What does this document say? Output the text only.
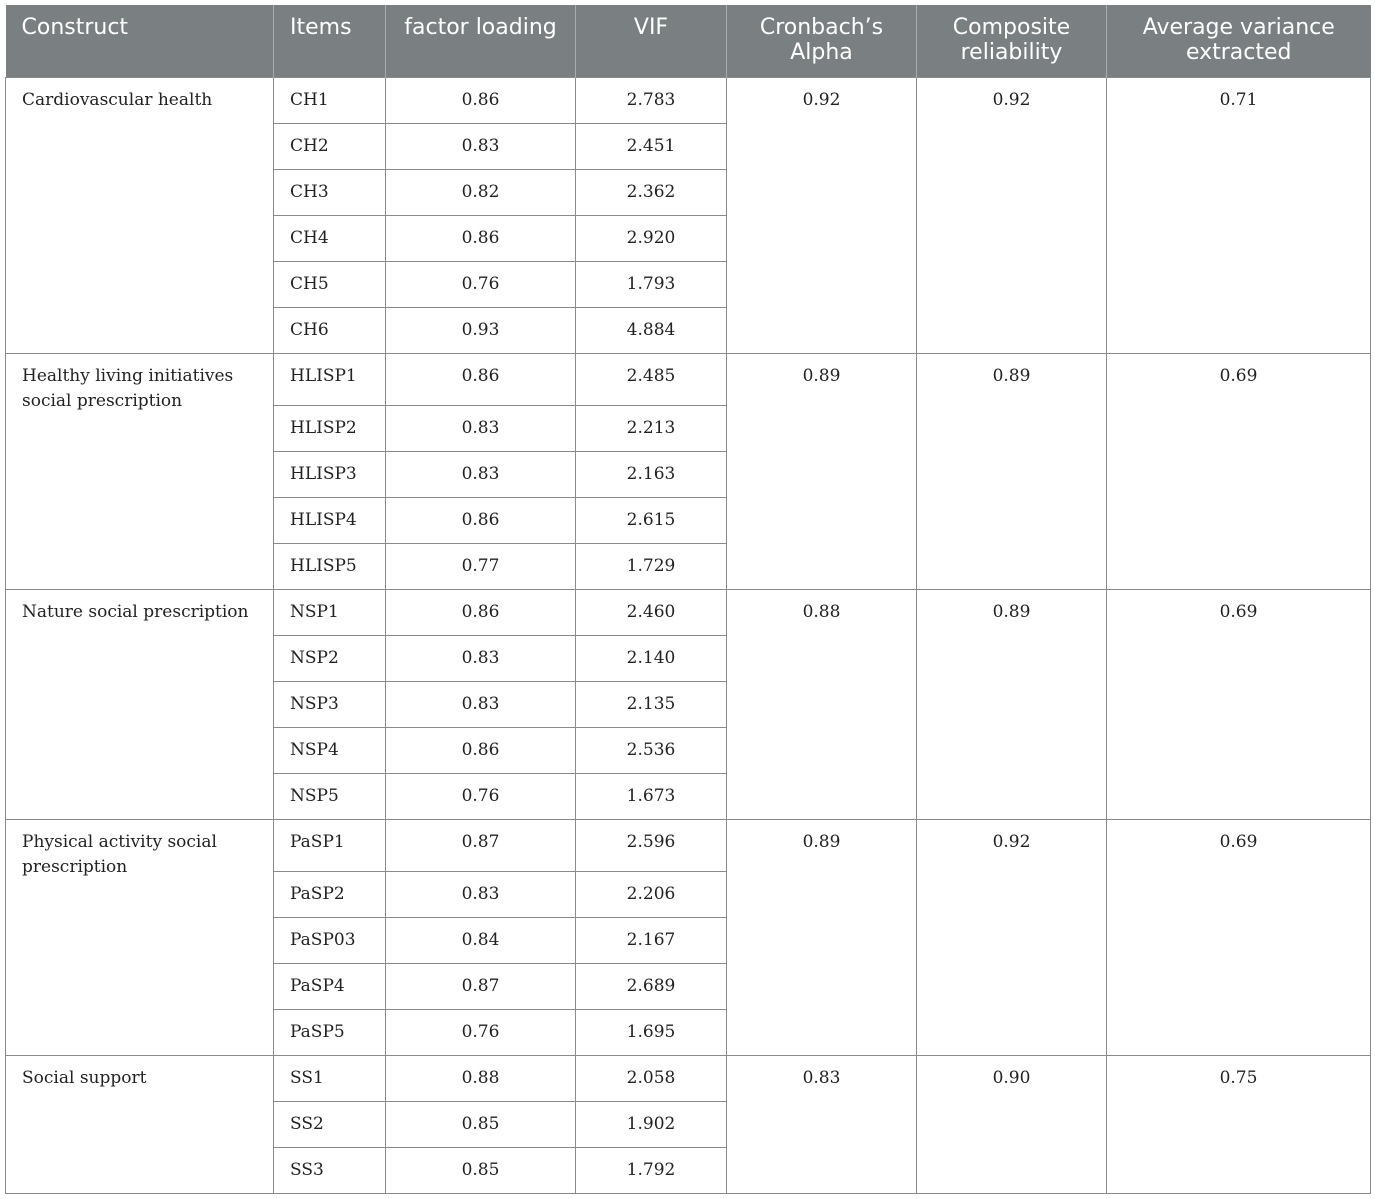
Construct	Items	factor loading	VIF	Cronbach’s Alpha	Composite reliability	Average variance extracted
Cardiovascular health	CH1	0.86	2.783	0.92	0.92	0.71
	CH2	0.83	2.451			
	CH3	0.82	2.362			
	CH4	0.86	2.920			
	CH5	0.76	1.793			
	CH6	0.93	4.884			
Healthy living initiatives social prescription	HLISP1	0.86	2.485	0.89	0.89	0.69
	HLISP2	0.83	2.213			
	HLISP3	0.83	2.163			
	HLISP4	0.86	2.615			
	HLISP5	0.77	1.729			
Nature social prescription	NSP1	0.86	2.460	0.88	0.89	0.69
	NSP2	0.83	2.140			
	NSP3	0.83	2.135			
	NSP4	0.86	2.536			
	NSP5	0.76	1.673			
Physical activity social prescription	PaSP1	0.87	2.596	0.89	0.92	0.69
	PaSP2	0.83	2.206			
	PaSP03	0.84	2.167			
	PaSP4	0.87	2.689			
	PaSP5	0.76	1.695			
Social support	SS1	0.88	2.058	0.83	0.90	0.75
	SS2	0.85	1.902			
	SS3	0.85	1.792			
